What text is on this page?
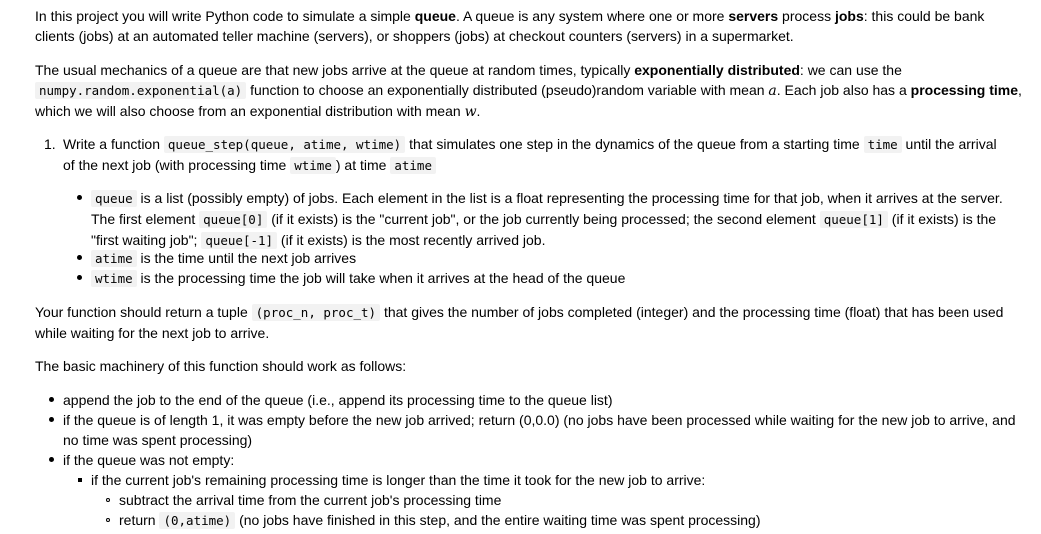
In this project you will write Python code to simulate a simple queue. A queue is any system where one or more servers process jobs: this could be bank clients (jobs) at an automated teller machine (servers), or shoppers (jobs) at checkout counters (servers) in a supermarket.

The usual mechanics of a queue are that new jobs arrive at the queue at random times, typically exponentially distributed: we can use the numpy.random.exponential(a) function to choose an exponentially distributed (pseudo)random variable with mean a. Each job also has a processing time, which we will also choose from an exponential distribution with mean w.

1. Write a function queue_step(queue, atime, wtime) that simulates one step in the dynamics of the queue from a starting time time until the arrival of the next job (with processing time wtime ) at time atime

queue is a list (possibly empty) of jobs. Each element in the list is a float representing the processing time for that job, when it arrives at the server. The first element queue[0] (if it exists) is the "current job", or the job currently being processed; the second element queue[1] (if it exists) is the "first waiting job"; queue[-1] (if it exists) is the most recently arrived job.

atime is the time until the next job arrives

wtime is the processing time the job will take when it arrives at the head of the queue

Your function should return a tuple (proc_n, proc_t) that gives the number of jobs completed (integer) and the processing time (float) that has been used while waiting for the next job to arrive.

The basic machinery of this function should work as follows:

append the job to the end of the queue (i.e., append its processing time to the queue list)

if the queue is of length 1, it was empty before the new job arrived; return (0,0.0) (no jobs have been processed while waiting for the new job to arrive, and no time was spent processing)

if the queue was not empty:

if the current job's remaining processing time is longer than the time it took for the new job to arrive:

subtract the arrival time from the current job's processing time

return (0,atime) (no jobs have finished in this step, and the entire waiting time was spent processing)
